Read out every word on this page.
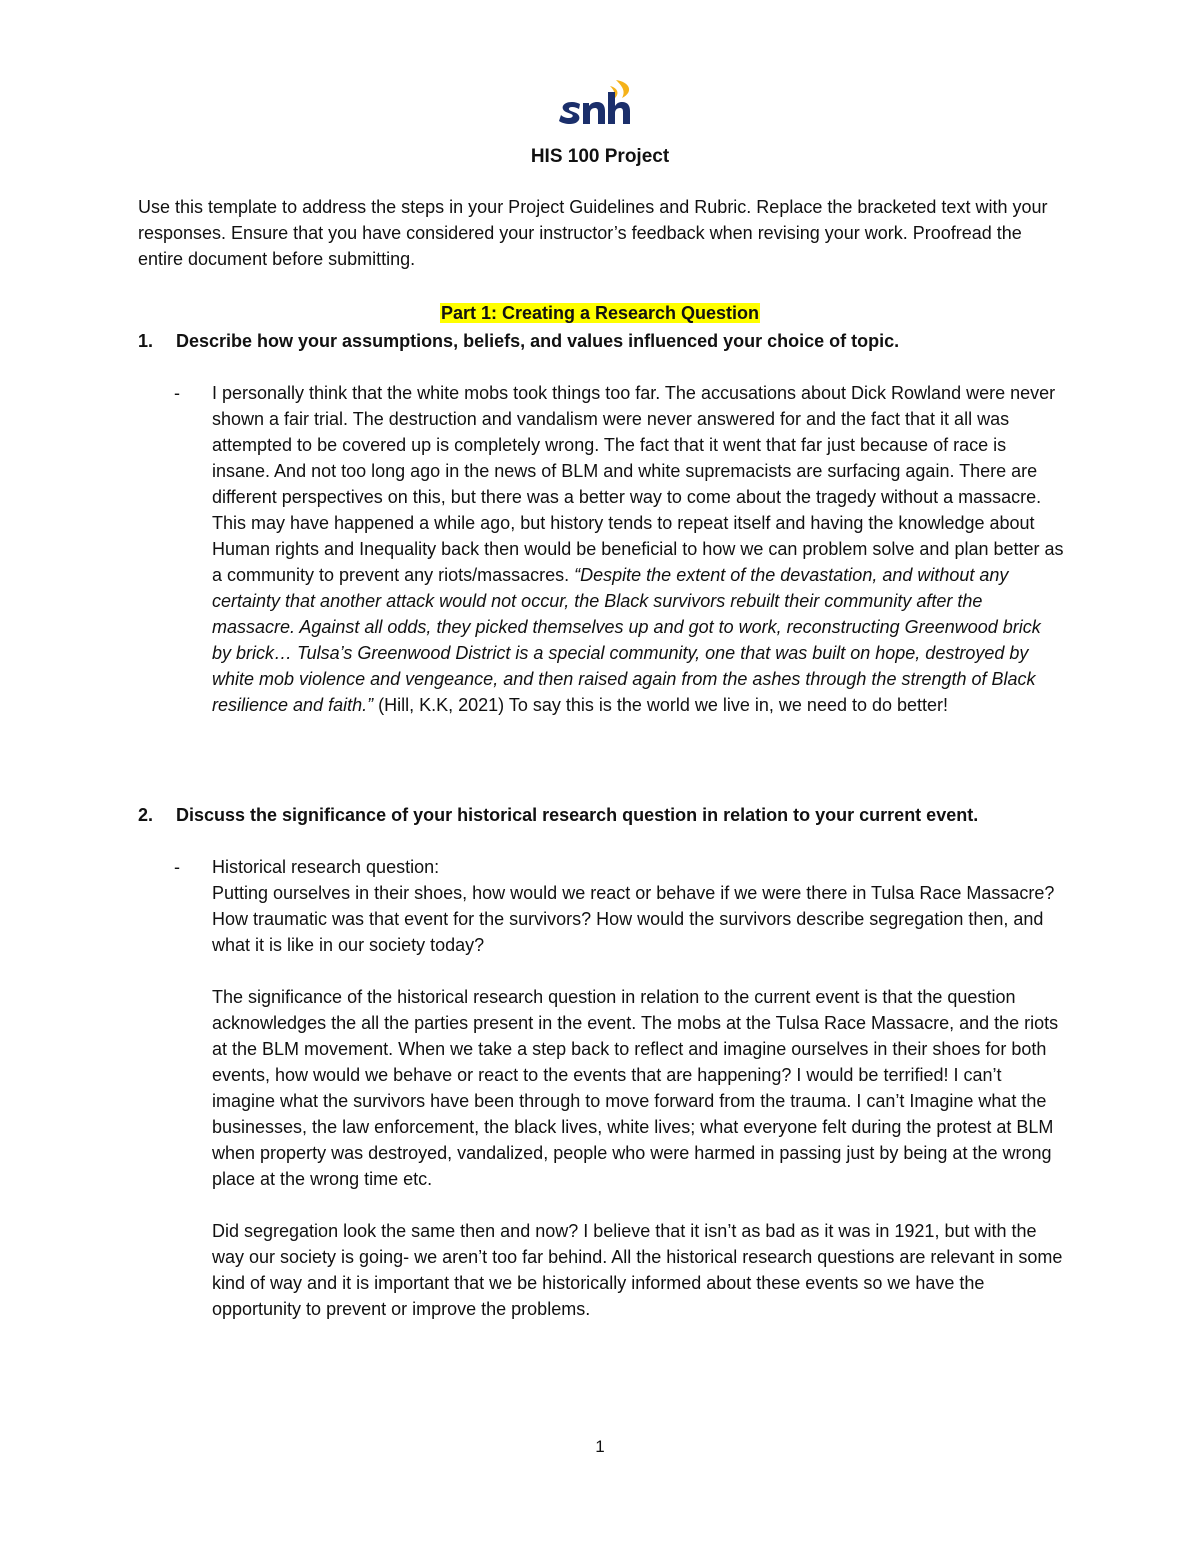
HIS 100 Project
Use this template to address the steps in your Project Guidelines and Rubric. Replace the bracketed text with your responses. Ensure that you have considered your instructor’s feedback when revising your work. Proofread the entire document before submitting.
Part 1: Creating a Research Question
1. Describe how your assumptions, beliefs, and values influenced your choice of topic.
- I personally think that the white mobs took things too far. The accusations about Dick Rowland were never shown a fair trial. The destruction and vandalism were never answered for and the fact that it all was attempted to be covered up is completely wrong. The fact that it went that far just because of race is insane. And not too long ago in the news of BLM and white supremacists are surfacing again. There are different perspectives on this, but there was a better way to come about the tragedy without a massacre. This may have happened a while ago, but history tends to repeat itself and having the knowledge about Human rights and Inequality back then would be beneficial to how we can problem solve and plan better as a community to prevent any riots/massacres. “Despite the extent of the devastation, and without any certainty that another attack would not occur, the Black survivors rebuilt their community after the massacre. Against all odds, they picked themselves up and got to work, reconstructing Greenwood brick by brick… Tulsa’s Greenwood District is a special community, one that was built on hope, destroyed by white mob violence and vengeance, and then raised again from the ashes through the strength of Black resilience and faith.” (Hill, K.K, 2021) To say this is the world we live in, we need to do better!
2. Discuss the significance of your historical research question in relation to your current event.
- Historical research question:
Putting ourselves in their shoes, how would we react or behave if we were there in Tulsa Race Massacre? How traumatic was that event for the survivors? How would the survivors describe segregation then, and what it is like in our society today?

The significance of the historical research question in relation to the current event is that the question acknowledges the all the parties present in the event. The mobs at the Tulsa Race Massacre, and the riots at the BLM movement. When we take a step back to reflect and imagine ourselves in their shoes for both events, how would we behave or react to the events that are happening? I would be terrified! I can’t imagine what the survivors have been through to move forward from the trauma. I can’t Imagine what the businesses, the law enforcement, the black lives, white lives; what everyone felt during the protest at BLM when property was destroyed, vandalized, people who were harmed in passing just by being at the wrong place at the wrong time etc.

Did segregation look the same then and now? I believe that it isn’t as bad as it was in 1921, but with the way our society is going- we aren’t too far behind. All the historical research questions are relevant in some kind of way and it is important that we be historically informed about these events so we have the opportunity to prevent or improve the problems.

1
